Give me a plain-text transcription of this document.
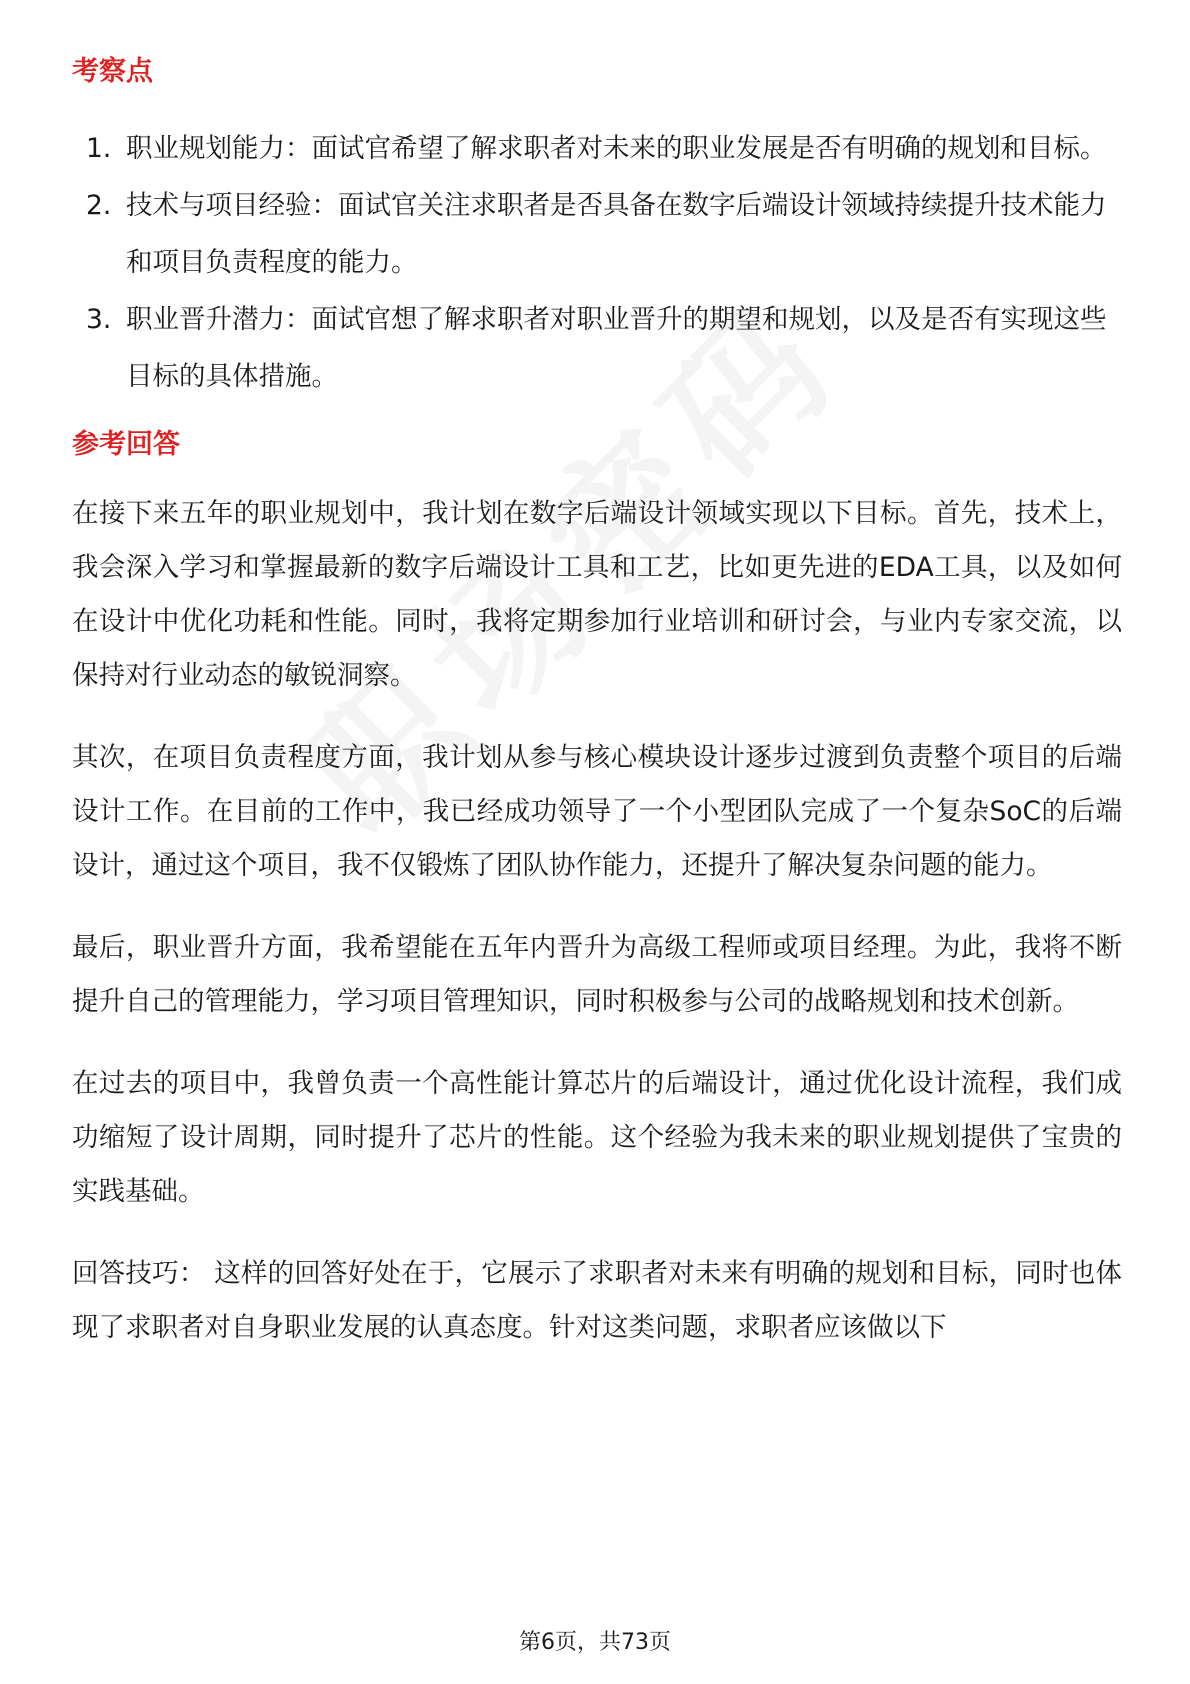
考察点
1. 职业规划能力：面试官希望了解求职者对未来的职业发展是否有明确的规划和目标。
2. 技术与项目经验：面试官关注求职者是否具备在数字后端设计领域持续提升技术能力和项目负责程度的能力。
3. 职业晋升潜力：面试官想了解求职者对职业晋升的期望和规划，以及是否有实现这些目标的具体措施。
参考回答

在接下来五年的职业规划中，我计划在数字后端设计领域实现以下目标。首先，技术上，我会深入学习和掌握最新的数字后端设计工具和工艺，比如更先进的EDA工具，以及如何在设计中优化功耗和性能。同时，我将定期参加行业培训和研讨会，与业内专家交流，以保持对行业动态的敏锐洞察。

其次，在项目负责程度方面，我计划从参与核心模块设计逐步过渡到负责整个项目的后端设计工作。在目前的工作中，我已经成功领导了一个小型团队完成了一个复杂SoC的后端设计，通过这个项目，我不仅锻炼了团队协作能力，还提升了解决复杂问题的能力。

最后，职业晋升方面，我希望能在五年内晋升为高级工程师或项目经理。为此，我将不断提升自己的管理能力，学习项目管理知识，同时积极参与公司的战略规划和技术创新。

在过去的项目中，我曾负责一个高性能计算芯片的后端设计，通过优化设计流程，我们成功缩短了设计周期，同时提升了芯片的性能。这个经验为我未来的职业规划提供了宝贵的实践基础。

回答技巧： 这样的回答好处在于，它展示了求职者对未来有明确的规划和目标，同时也体现了求职者对自身职业发展的认真态度。针对这类问题，求职者应该做以下

第6页，共73页
